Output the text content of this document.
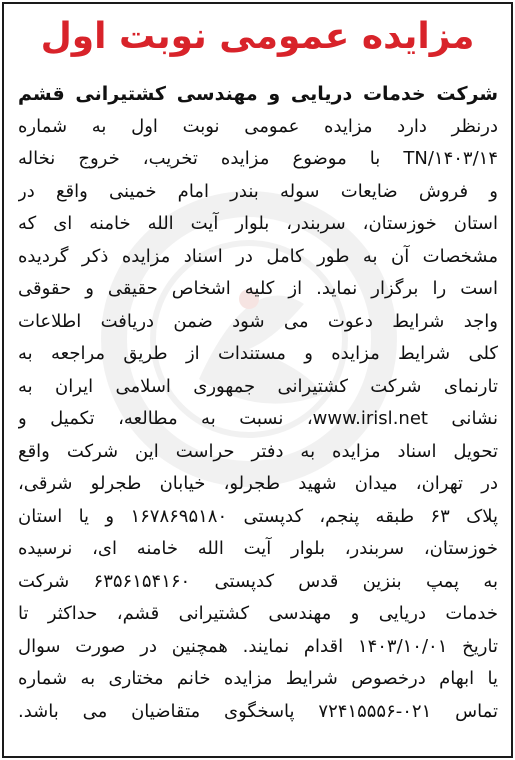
مزایده عمومی نوبت اول
شرکت خدمات دریایی و مهندسی کشتیرانی قشم
درنظر دارد مزایده عمومی نوبت اول به شماره
TN/۱۴۰۳/۱۴ با موضوع مزایده تخریب، خروج نخاله
و فروش ضایعات سوله بندر امام خمینی واقع در
استان خوزستان، سربندر، بلوار آیت الله خامنه ای که
مشخصات آن به طور کامل در اسناد مزایده ذکر گردیده
است را برگزار نماید. از کلیه اشخاص حقیقی و حقوقی
واجد شرایط دعوت می شود ضمن دریافت اطلاعات
کلی شرایط مزایده و مستندات از طریق مراجعه به
تارنمای شرکت کشتیرانی جمهوری اسلامی ایران به
نشانی www.irisl.net، نسبت به مطالعه، تکمیل و
تحویل اسناد مزایده به دفتر حراست این شرکت واقع
در تهران، میدان شهید طجرلو، خیابان طجرلو شرقی،
پلاک ۶۳ طبقه پنجم، کدپستی ۱۶۷۸۶۹۵۱۸۰ و یا استان
خوزستان، سربندر، بلوار آیت الله خامنه ای، نرسیده
به پمپ بنزین قدس کدپستی ۶۳۵۶۱۵۴۱۶۰ شرکت
خدمات دریایی و مهندسی کشتیرانی قشم، حداکثر تا
تاریخ ۱۴۰۳/۱۰/۰۱ اقدام نمایند. همچنین در صورت سوال
یا ابهام درخصوص شرایط مزایده خانم مختاری به شماره
تماس ۰۲۱-۷۲۴۱۵۵۵۶ پاسخگوی متقاضیان می باشد.
